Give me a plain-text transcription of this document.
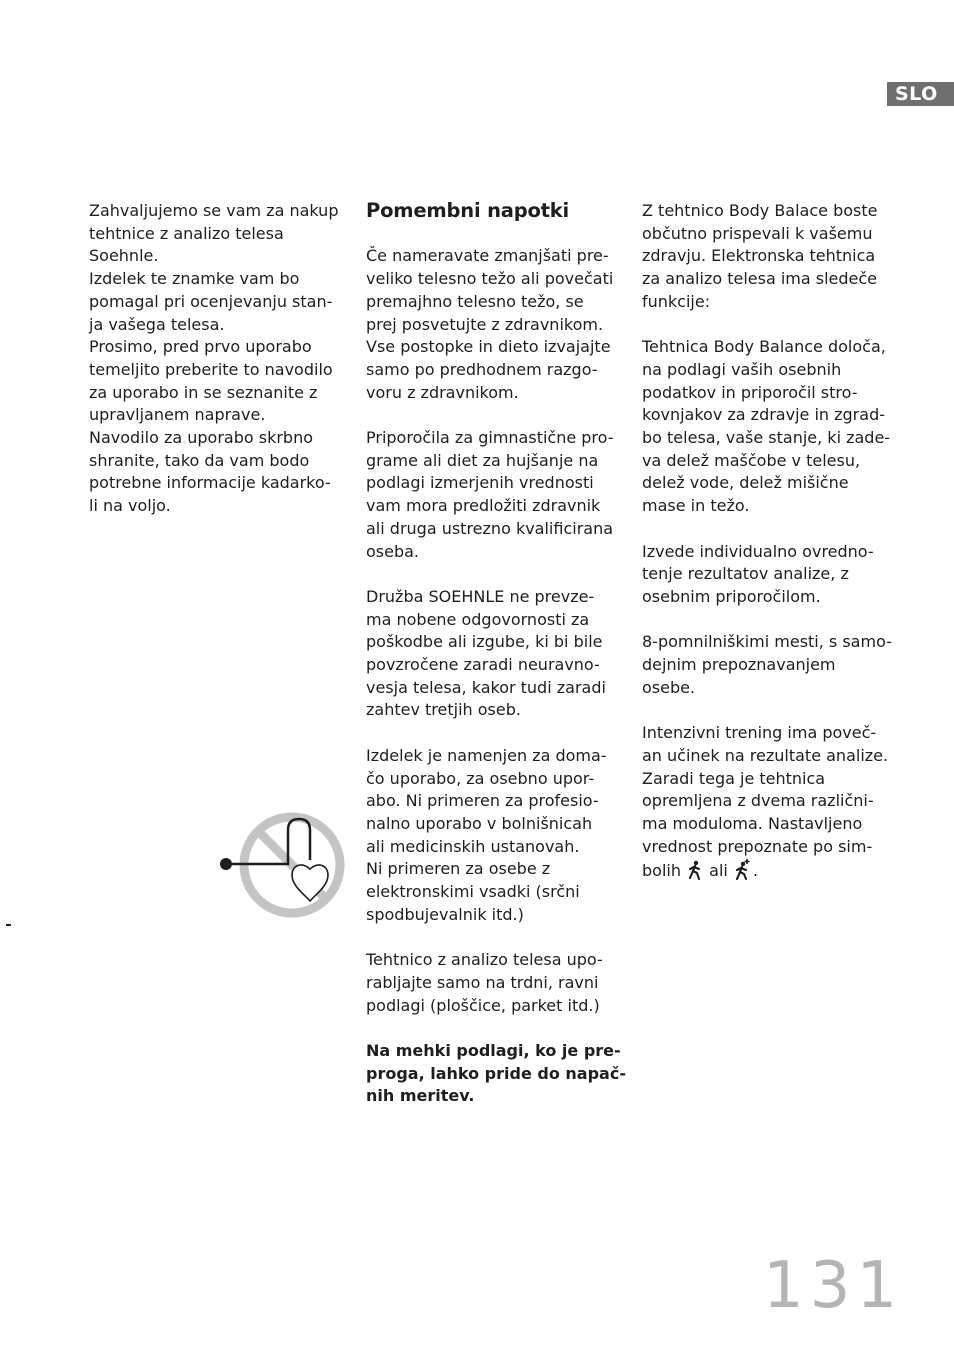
SLO

Zahvaljujemo se vam za nakup
tehtnice z analizo telesa
Soehnle.
Izdelek te znamke vam bo
pomagal pri ocenjevanju stan-
ja vašega telesa.
Prosimo, pred prvo uporabo
temeljito preberite to navodilo
za uporabo in se seznanite z
upravljanem naprave.
Navodilo za uporabo skrbno
shranite, tako da vam bodo
potrebne informacije kadarko-
li na voljo.

Pomembni napotki

Če nameravate zmanjšati pre-
veliko telesno težo ali povečati
premajhno telesno težo, se
prej posvetujte z zdravnikom.
Vse postopke in dieto izvajajte
samo po predhodnem razgo-
voru z zdravnikom.

Priporočila za gimnastične pro-
grame ali diet za hujšanje na
podlagi izmerjenih vrednosti
vam mora predložiti zdravnik
ali druga ustrezno kvalificirana
oseba.

Družba SOEHNLE ne prevze-
ma nobene odgovornosti za
poškodbe ali izgube, ki bi bile
povzročene zaradi neuravno-
vesja telesa, kakor tudi zaradi
zahtev tretjih oseb.

Izdelek je namenjen za doma-
čo uporabo, za osebno upor-
abo. Ni primeren za profesio-
nalno uporabo v bolnišnicah
ali medicinskih ustanovah.
Ni primeren za osebe z
elektronskimi vsadki (srčni
spodbujevalnik itd.)

Tehtnico z analizo telesa upo-
rabljajte samo na trdni, ravni
podlagi (ploščice, parket itd.)

Na mehki podlagi, ko je pre-
proga, lahko pride do napač-
nih meritev.

Z tehtnico Body Balace boste
občutno prispevali k vašemu
zdravju. Elektronska tehtnica
za analizo telesa ima sledeče
funkcije:

Tehtnica Body Balance določa,
na podlagi vaših osebnih
podatkov in priporočil stro-
kovnjakov za zdravje in zgrad-
bo telesa, vaše stanje, ki zade-
va delež maščobe v telesu,
delež vode, delež mišične
mase in težo.

Izvede individualno ovredno-
tenje rezultatov analize, z
osebnim priporočilom.

8-pomnilniškimi mesti, s samo-
dejnim prepoznavanjem
osebe.

Intenzivni trening ima poveč-
an učinek na rezultate analize.
Zaradi tega je tehtnica
opremljena z dvema različni-
ma moduloma. Nastavljeno
vrednost prepoznate po sim-
bolih ali .

131
